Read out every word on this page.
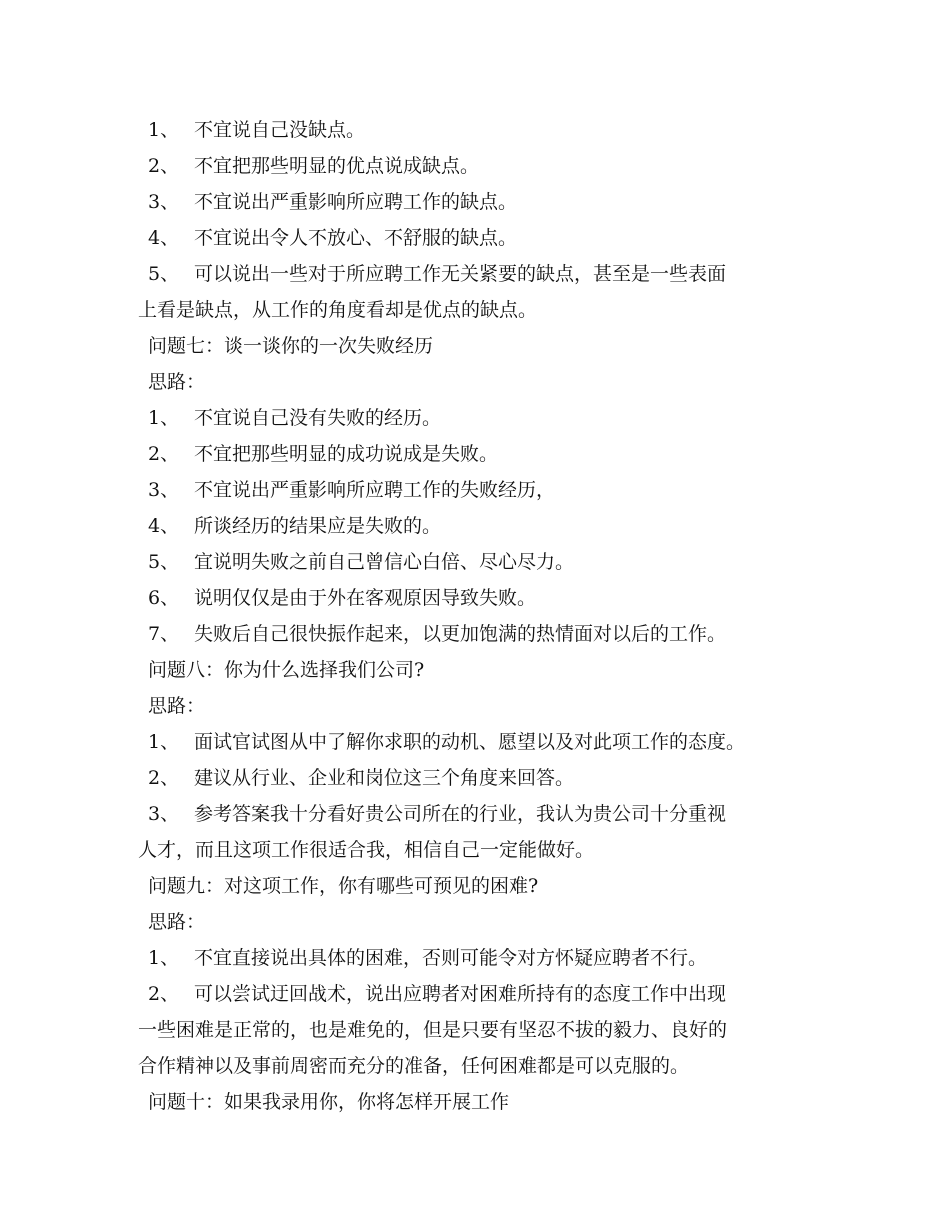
1、 不宜说自己没缺点。
2、 不宜把那些明显的优点说成缺点。
3、 不宜说出严重影响所应聘工作的缺点。
4、 不宜说出令人不放心、不舒服的缺点。
5、 可以说出一些对于所应聘工作无关紧要的缺点，甚至是一些表面
上看是缺点，从工作的角度看却是优点的缺点。
问题七：谈一谈你的一次失败经历
思路：
1、 不宜说自己没有失败的经历。
2、 不宜把那些明显的成功说成是失败。
3、 不宜说出严重影响所应聘工作的失败经历，
4、 所谈经历的结果应是失败的。
5、 宜说明失败之前自己曾信心白倍、尽心尽力。
6、 说明仅仅是由于外在客观原因导致失败。
7、 失败后自己很快振作起来，以更加饱满的热情面对以后的工作。
问题八：你为什么选择我们公司?
思路：
1、 面试官试图从中了解你求职的动机、愿望以及对此项工作的态度。
2、 建议从行业、企业和岗位这三个角度来回答。
3、 参考答案我十分看好贵公司所在的行业，我认为贵公司十分重视
人才，而且这项工作很适合我，相信自己一定能做好。
问题九：对这项工作，你有哪些可预见的困难?
思路：
1、 不宜直接说出具体的困难，否则可能令对方怀疑应聘者不行。
2、 可以尝试迂回战术，说出应聘者对困难所持有的态度工作中出现
一些困难是正常的，也是难免的，但是只要有坚忍不拔的毅力、良好的
合作精神以及事前周密而充分的准备，任何困难都是可以克服的。
问题十：如果我录用你，你将怎样开展工作
